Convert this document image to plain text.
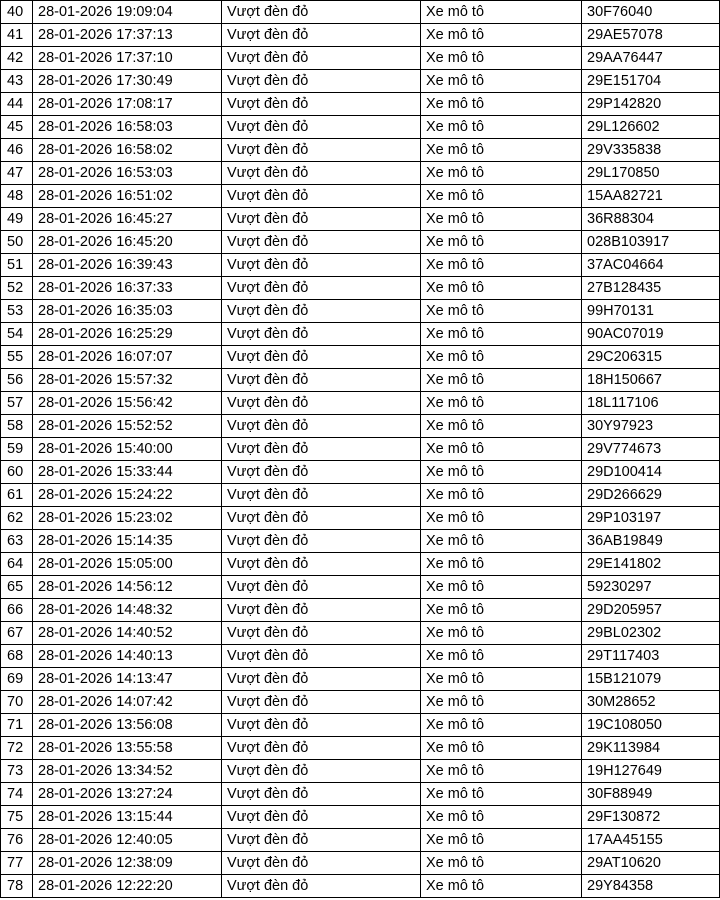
40	28-01-2026 19:09:04	Vượt đèn đỏ	Xe mô tô	30F76040
41	28-01-2026 17:37:13	Vượt đèn đỏ	Xe mô tô	29AE57078
42	28-01-2026 17:37:10	Vượt đèn đỏ	Xe mô tô	29AA76447
43	28-01-2026 17:30:49	Vượt đèn đỏ	Xe mô tô	29E151704
44	28-01-2026 17:08:17	Vượt đèn đỏ	Xe mô tô	29P142820
45	28-01-2026 16:58:03	Vượt đèn đỏ	Xe mô tô	29L126602
46	28-01-2026 16:58:02	Vượt đèn đỏ	Xe mô tô	29V335838
47	28-01-2026 16:53:03	Vượt đèn đỏ	Xe mô tô	29L170850
48	28-01-2026 16:51:02	Vượt đèn đỏ	Xe mô tô	15AA82721
49	28-01-2026 16:45:27	Vượt đèn đỏ	Xe mô tô	36R88304
50	28-01-2026 16:45:20	Vượt đèn đỏ	Xe mô tô	028B103917
51	28-01-2026 16:39:43	Vượt đèn đỏ	Xe mô tô	37AC04664
52	28-01-2026 16:37:33	Vượt đèn đỏ	Xe mô tô	27B128435
53	28-01-2026 16:35:03	Vượt đèn đỏ	Xe mô tô	99H70131
54	28-01-2026 16:25:29	Vượt đèn đỏ	Xe mô tô	90AC07019
55	28-01-2026 16:07:07	Vượt đèn đỏ	Xe mô tô	29C206315
56	28-01-2026 15:57:32	Vượt đèn đỏ	Xe mô tô	18H150667
57	28-01-2026 15:56:42	Vượt đèn đỏ	Xe mô tô	18L117106
58	28-01-2026 15:52:52	Vượt đèn đỏ	Xe mô tô	30Y97923
59	28-01-2026 15:40:00	Vượt đèn đỏ	Xe mô tô	29V774673
60	28-01-2026 15:33:44	Vượt đèn đỏ	Xe mô tô	29D100414
61	28-01-2026 15:24:22	Vượt đèn đỏ	Xe mô tô	29D266629
62	28-01-2026 15:23:02	Vượt đèn đỏ	Xe mô tô	29P103197
63	28-01-2026 15:14:35	Vượt đèn đỏ	Xe mô tô	36AB19849
64	28-01-2026 15:05:00	Vượt đèn đỏ	Xe mô tô	29E141802
65	28-01-2026 14:56:12	Vượt đèn đỏ	Xe mô tô	59230297
66	28-01-2026 14:48:32	Vượt đèn đỏ	Xe mô tô	29D205957
67	28-01-2026 14:40:52	Vượt đèn đỏ	Xe mô tô	29BL02302
68	28-01-2026 14:40:13	Vượt đèn đỏ	Xe mô tô	29T117403
69	28-01-2026 14:13:47	Vượt đèn đỏ	Xe mô tô	15B121079
70	28-01-2026 14:07:42	Vượt đèn đỏ	Xe mô tô	30M28652
71	28-01-2026 13:56:08	Vượt đèn đỏ	Xe mô tô	19C108050
72	28-01-2026 13:55:58	Vượt đèn đỏ	Xe mô tô	29K113984
73	28-01-2026 13:34:52	Vượt đèn đỏ	Xe mô tô	19H127649
74	28-01-2026 13:27:24	Vượt đèn đỏ	Xe mô tô	30F88949
75	28-01-2026 13:15:44	Vượt đèn đỏ	Xe mô tô	29F130872
76	28-01-2026 12:40:05	Vượt đèn đỏ	Xe mô tô	17AA45155
77	28-01-2026 12:38:09	Vượt đèn đỏ	Xe mô tô	29AT10620
78	28-01-2026 12:22:20	Vượt đèn đỏ	Xe mô tô	29Y84358
